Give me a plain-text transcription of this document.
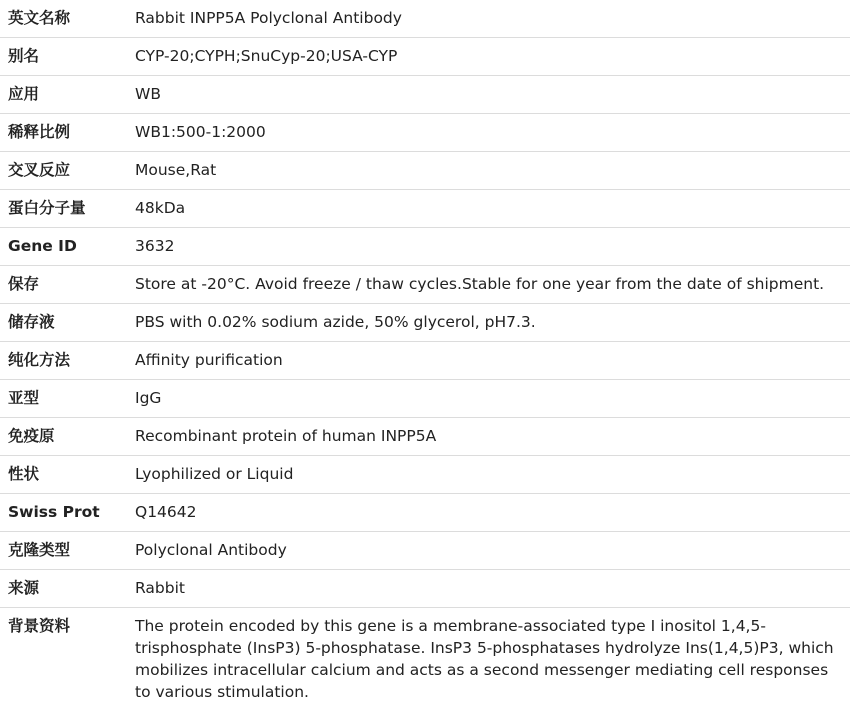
英文名称	Rabbit INPP5A Polyclonal Antibody
别名	CYP-20;CYPH;SnuCyp-20;USA-CYP
应用	WB
稀释比例	WB1:500-1:2000
交叉反应	Mouse,Rat
蛋白分子量	48kDa
Gene ID	3632
保存	Store at -20°C. Avoid freeze / thaw cycles.Stable for one year from the date of shipment.
储存液	PBS with 0.02% sodium azide, 50% glycerol, pH7.3.
纯化方法	Affinity purification
亚型	IgG
免疫原	Recombinant protein of human INPP5A
性状	Lyophilized or Liquid
Swiss Prot	Q14642
克隆类型	Polyclonal Antibody
来源	Rabbit
背景资料	The protein encoded by this gene is a membrane-associated type I inositol 1,4,5-trisphosphate (InsP3) 5-phosphatase. InsP3 5-phosphatases hydrolyze Ins(1,4,5)P3, which mobilizes intracellular calcium and acts as a second messenger mediating cell responses to various stimulation.
